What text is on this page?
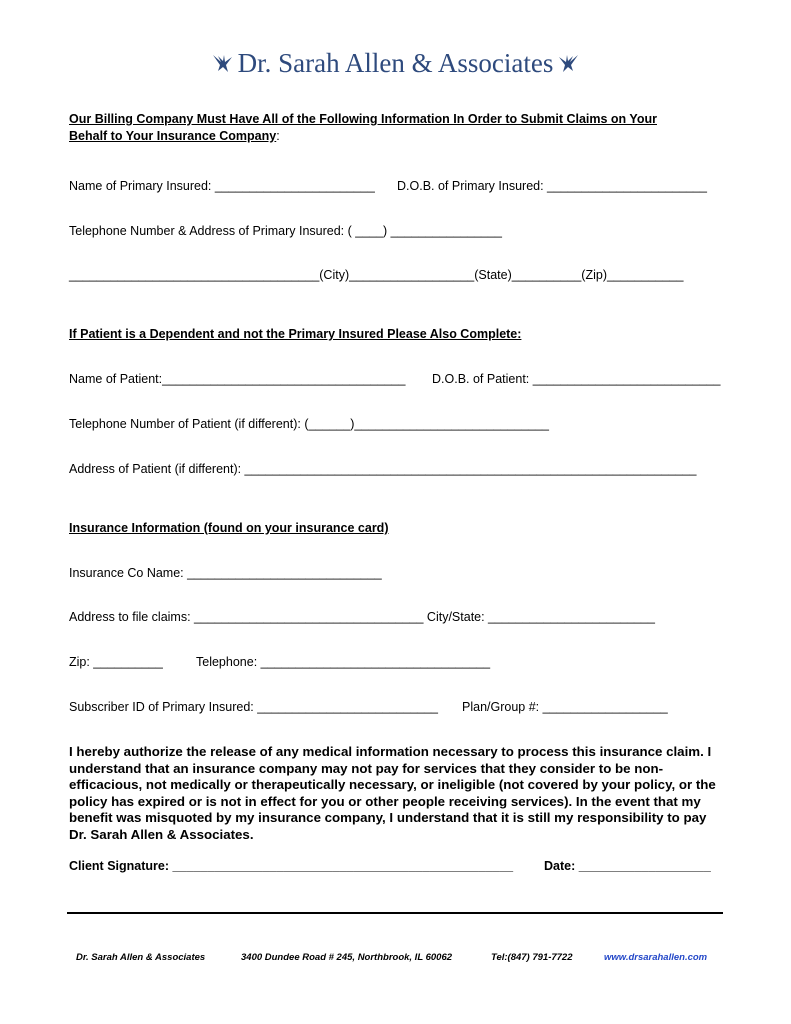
Dr. Sarah Allen & Associates
Our Billing Company Must Have All of the Following Information In Order to Submit Claims on Your
Behalf to Your Insurance Company:
Name of Primary Insured: _______________________ D.O.B. of Primary Insured: _______________________
Telephone Number & Address of Primary Insured: ( ____) ________________
____________________________________(City)__________________(State)__________(Zip)___________
If Patient is a Dependent and not the Primary Insured Please Also Complete:
Name of Patient:___________________________________ D.O.B. of Patient: ___________________________
Telephone Number of Patient (if different): (______)____________________________
Address of Patient (if different): _________________________________________________________________
Insurance Information (found on your insurance card)
Insurance Co Name: ____________________________
Address to file claims: _________________________________ City/State: ________________________
Zip: __________	Telephone: _________________________________
Subscriber ID of Primary Insured: __________________________ Plan/Group #: __________________
I hereby authorize the release of any medical information necessary to process this insurance claim. I understand that an insurance company may not pay for services that they consider to be non-efficacious, not medically or therapeutically necessary, or ineligible (not covered by your policy, or the policy has expired or is not in effect for you or other people receiving services). In the event that my benefit was misquoted by my insurance company, I understand that it is still my responsibility to pay Dr. Sarah Allen & Associates.
Client Signature: _________________________________________________ Date: ___________________
Dr. Sarah Allen & Associates	3400 Dundee Road # 245, Northbrook, IL 60062	Tel:(847) 791-7722	www.drsarahallen.com
